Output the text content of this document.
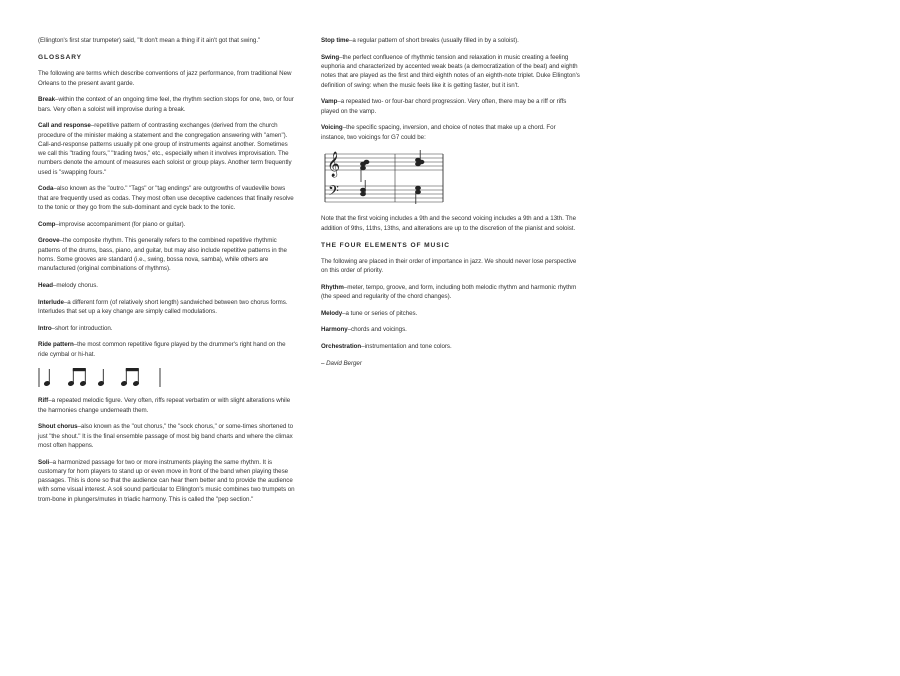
(Ellington's first star trumpeter) said, "It don't mean a thing if it ain't got that swing."

GLOSSARY

The following are terms which describe conventions of jazz performance, from traditional New Orleans to the present avant garde.

Break–within the context of an ongoing time feel, the rhythm section stops for one, two, or four bars. Very often a soloist will improvise during a break.

Call and response–repetitive pattern of contrasting exchanges (derived from the church procedure of the minister making a statement and the congregation answering with "amen"). Call-and-response patterns usually pit one group of instruments against another. Sometimes we call this "trading fours," "trading twos," etc., especially when it involves improvisation. The numbers denote the amount of measures each soloist or group plays. Another term frequently used is "swapping fours."

Coda–also known as the "outro." "Tags" or "tag endings" are outgrowths of vaudeville bows that are frequently used as codas. They most often use deceptive cadences that finally resolve to the tonic or they go from the sub-dominant and cycle back to the tonic.

Comp–improvise accompaniment (for piano or guitar).

Groove–the composite rhythm. This generally refers to the combined repetitive rhythmic patterns of the drums, bass, piano, and guitar, but may also include repetitive patterns in the horns. Some grooves are standard (i.e., swing, bossa nova, samba), while others are manufactured (original combinations of rhythms).

Head–melody chorus.

Interlude–a different form (of relatively short length) sandwiched between two chorus forms. Interludes that set up a key change are simply called modulations.

Intro–short for introduction.

Ride pattern–the most common repetitive figure played by the drummer's right hand on the ride cymbal or hi-hat.

Riff–a repeated melodic figure. Very often, riffs repeat verbatim or with slight alterations while the harmonies change underneath them.

Shout chorus–also known as the "out chorus," the "sock chorus," or some-times shortened to just "the shout." It is the final ensemble passage of most big band charts and where the climax most often happens.

Soli–a harmonized passage for two or more instruments playing the same rhythm. It is customary for horn players to stand up or even move in front of the band when playing these passages. This is done so that the audience can hear them better and to provide the audience with some visual interest. A soli sound particular to Ellington's music combines two trumpets on trom-bone in plungers/mutes in triadic harmony. This is called the "pep section."

Stop time–a regular pattern of short breaks (usually filled in by a soloist).

Swing–the perfect confluence of rhythmic tension and relaxation in music creating a feeling euphoria and characterized by accented weak beats (a democratization of the beat) and eighth notes that are played as the first and third eighth notes of an eighth-note triplet. Duke Ellington's definition of swing: when the music feels like it is getting faster, but it isn't.

Vamp–a repeated two- or four-bar chord progression. Very often, there may be a riff or riffs played on the vamp.

Voicing–the specific spacing, inversion, and choice of notes that make up a chord. For instance, two voicings for G7 could be:

𝄞
𝄢

Note that the first voicing includes a 9th and the second voicing includes a 9th and a 13th. The addition of 9ths, 11ths, 13ths, and alterations are up to the discretion of the pianist and soloist.

THE FOUR ELEMENTS OF MUSIC

The following are placed in their order of importance in jazz. We should never lose perspective on this order of priority.

Rhythm–meter, tempo, groove, and form, including both melodic rhythm and harmonic rhythm (the speed and regularity of the chord changes).

Melody–a tune or series of pitches.

Harmony–chords and voicings.

Orchestration–instrumentation and tone colors.

– David Berger
